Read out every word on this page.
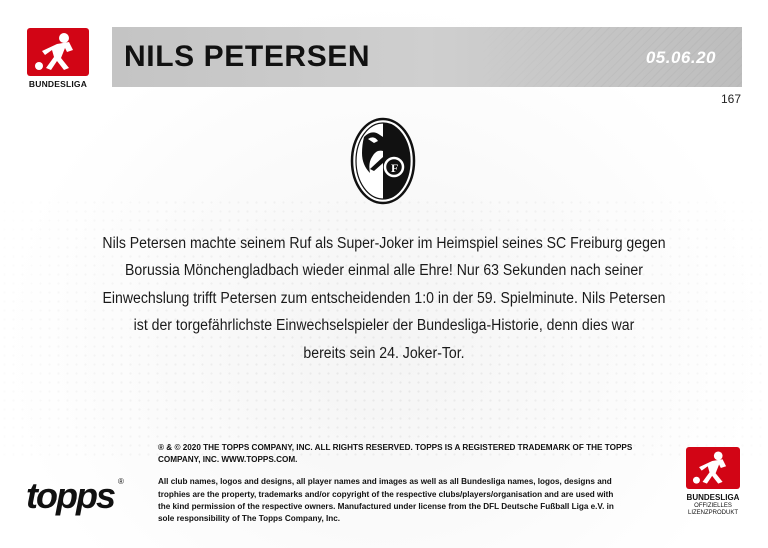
BUNDESLIGA
NILS PETERSEN	05.06.20
167
F
Nils Petersen machte seinem Ruf als Super-Joker im Heimspiel seines SC Freiburg gegen
Borussia Mönchengladbach wieder einmal alle Ehre! Nur 63 Sekunden nach seiner
Einwechslung trifft Petersen zum entscheidenden 1:0 in der 59. Spielminute. Nils Petersen
ist der torgefährlichste Einwechselspieler der Bundesliga-Historie, denn dies war
bereits sein 24. Joker-Tor.
topps ®

® & © 2020 THE TOPPS COMPANY, INC. ALL RIGHTS RESERVED. TOPPS IS A REGISTERED TRADEMARK OF THE TOPPS
COMPANY, INC. WWW.TOPPS.COM.

All club names, logos and designs, all player names and images as well as all Bundesliga names, logos, designs and
trophies are the property, trademarks and/or copyright of the respective clubs/players/organisation and are used with
the kind permission of the respective owners. Manufactured under license from the DFL Deutsche Fußball Liga e.V. in
sole responsibility of The Topps Company, Inc.

BUNDESLIGA
OFFIZIELLES
LIZENZPRODUKT
